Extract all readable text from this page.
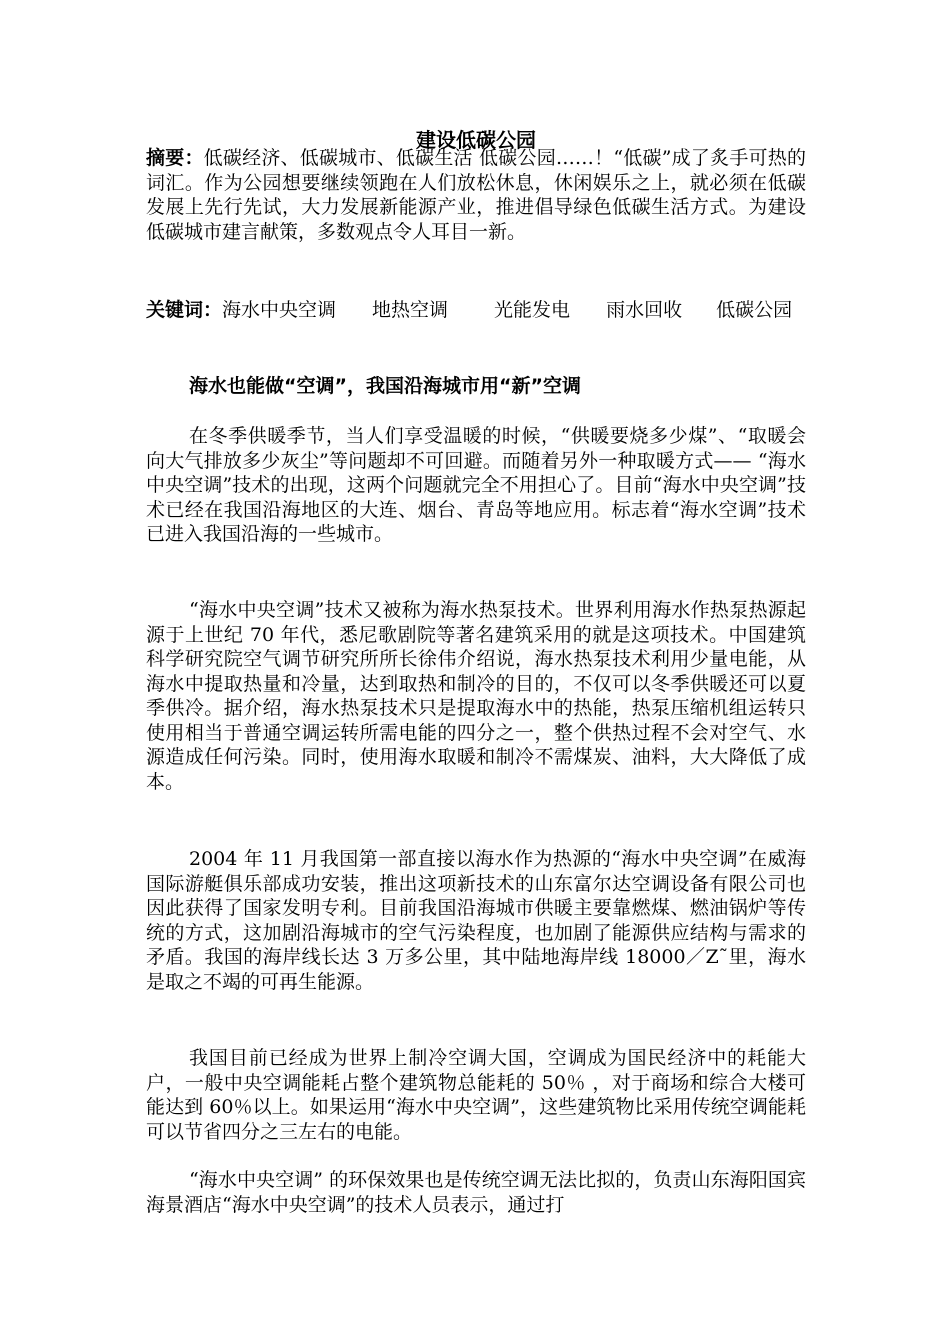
建设低碳公园
摘要：低碳经济、低碳城市、低碳生活 低碳公园……！“低碳”成了炙手可热的词汇。作为公园想要继续领跑在人们放松休息，休闲娱乐之上，就必须在低碳发展上先行先试，大力发展新能源产业，推进倡导绿色低碳生活方式。为建设低碳城市建言献策，多数观点令人耳目一新。
关键词：海水中央空调 地热空调 光能发电 雨水回收 低碳公园
海水也能做“空调”，我国沿海城市用“新”空调
在冬季供暖季节，当人们享受温暖的时候，“供暖要烧多少煤”、“取暖会向大气排放多少灰尘”等问题却不可回避。而随着另外一种取暖方式—— “海水中央空调”技术的出现，这两个问题就完全不用担心了。目前“海水中央空调”技术已经在我国沿海地区的大连、烟台、青岛等地应用。标志着“海水空调”技术已进入我国沿海的一些城市。
“海水中央空调”技术又被称为海水热泵技术。世界利用海水作热泵热源起源于上世纪 70 年代，悉尼歌剧院等著名建筑采用的就是这项技术。中国建筑科学研究院空气调节研究所所长徐伟介绍说，海水热泵技术利用少量电能，从海水中提取热量和冷量，达到取热和制冷的目的，不仅可以冬季供暖还可以夏季供冷。据介绍，海水热泵技术只是提取海水中的热能，热泵压缩机组运转只使用相当于普通空调运转所需电能的四分之一，整个供热过程不会对空气、水源造成任何污染。同时，使用海水取暖和制冷不需煤炭、油料，大大降低了成本。
2004 年 11 月我国第一部直接以海水作为热源的“海水中央空调”在威海国际游艇俱乐部成功安装，推出这项新技术的山东富尔达空调设备有限公司也因此获得了国家发明专利。目前我国沿海城市供暖主要靠燃煤、燃油锅炉等传统的方式，这加剧沿海城市的空气污染程度，也加剧了能源供应结构与需求的矛盾。我国的海岸线长达 3 万多公里，其中陆地海岸线 18000／Z˜里，海水是取之不竭的可再生能源。
我国目前已经成为世界上制冷空调大国，空调成为国民经济中的耗能大户，一般中央空调能耗占整个建筑物总能耗的 50％ ，对于商场和综合大楼可能达到 60％以上。如果运用“海水中央空调”，这些建筑物比采用传统空调能耗可以节省四分之三左右的电能。
“海水中央空调” 的环保效果也是传统空调无法比拟的，负责山东海阳国宾海景酒店“海水中央空调”的技术人员表示，通过打
